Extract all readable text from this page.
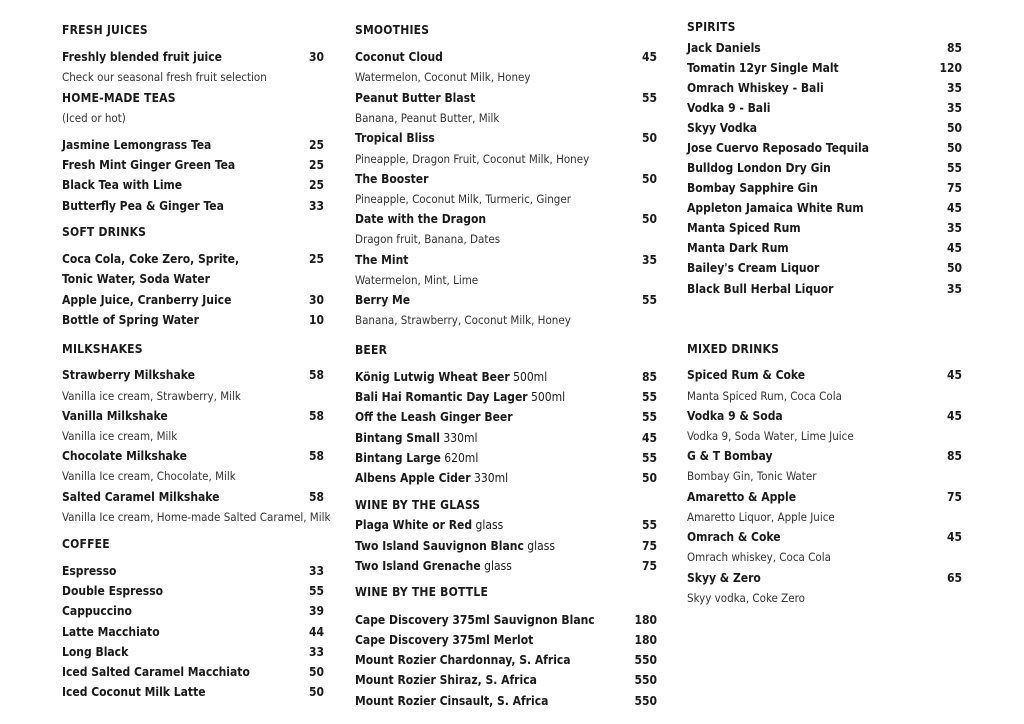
FRESH JUICES
Freshly blended fruit juice	30
Check our seasonal fresh fruit selection
HOME-MADE TEAS
(Iced or hot)
Jasmine Lemongrass Tea	25
Fresh Mint Ginger Green Tea	25
Black Tea with Lime	25
Butterfly Pea & Ginger Tea	33
SOFT DRINKS
Coca Cola, Coke Zero, Sprite,	25
Tonic Water, Soda Water
Apple Juice, Cranberry Juice	30
Bottle of Spring Water	10
MILKSHAKES
Strawberry Milkshake	58
Vanilla ice cream, Strawberry, Milk
Vanilla Milkshake	58
Vanilla ice cream, Milk
Chocolate Milkshake	58
Vanilla Ice cream, Chocolate, Milk
Salted Caramel Milkshake	58
Vanilla Ice cream, Home-made Salted Caramel, Milk
COFFEE
Espresso	33
Double Espresso	55
Cappuccino	39
Latte Macchiato	44
Long Black	33
Iced Salted Caramel Macchiato	50
Iced Coconut Milk Latte	50
SMOOTHIES
Coconut Cloud	45
Watermelon, Coconut Milk, Honey
Peanut Butter Blast	55
Banana, Peanut Butter, Milk
Tropical Bliss	50
Pineapple, Dragon Fruit, Coconut Milk, Honey
The Booster	50
Pineapple, Coconut Milk, Turmeric, Ginger
Date with the Dragon	50
Dragon fruit, Banana, Dates
The Mint	35
Watermelon, Mint, Lime
Berry Me	55
Banana, Strawberry, Coconut Milk, Honey
BEER
König Lutwig Wheat Beer 500ml	85
Bali Hai Romantic Day Lager 500ml	55
Off the Leash Ginger Beer	55
Bintang Small 330ml	45
Bintang Large 620ml	55
Albens Apple Cider 330ml	50
WINE BY THE GLASS
Plaga White or Red glass	55
Two Island Sauvignon Blanc glass	75
Two Island Grenache glass	75
WINE BY THE BOTTLE
Cape Discovery 375ml Sauvignon Blanc	180
Cape Discovery 375ml Merlot	180
Mount Rozier Chardonnay, S. Africa	550
Mount Rozier Shiraz, S. Africa	550
Mount Rozier Cinsault, S. Africa	550
SPIRITS
Jack Daniels	85
Tomatin 12yr Single Malt	120
Omrach Whiskey - Bali	35
Vodka 9 - Bali	35
Skyy Vodka	50
Jose Cuervo Reposado Tequila	50
Bulldog London Dry Gin	55
Bombay Sapphire Gin	75
Appleton Jamaica White Rum	45
Manta Spiced Rum	35
Manta Dark Rum	45
Bailey's Cream Liquor	50
Black Bull Herbal Liquor	35
MIXED DRINKS
Spiced Rum & Coke	45
Manta Spiced Rum, Coca Cola
Vodka 9 & Soda	45
Vodka 9, Soda Water, Lime Juice
G & T Bombay	85
Bombay Gin, Tonic Water
Amaretto & Apple	75
Amaretto Liquor, Apple Juice
Omrach & Coke	45
Omrach whiskey, Coca Cola
Skyy & Zero	65
Skyy vodka, Coke Zero
